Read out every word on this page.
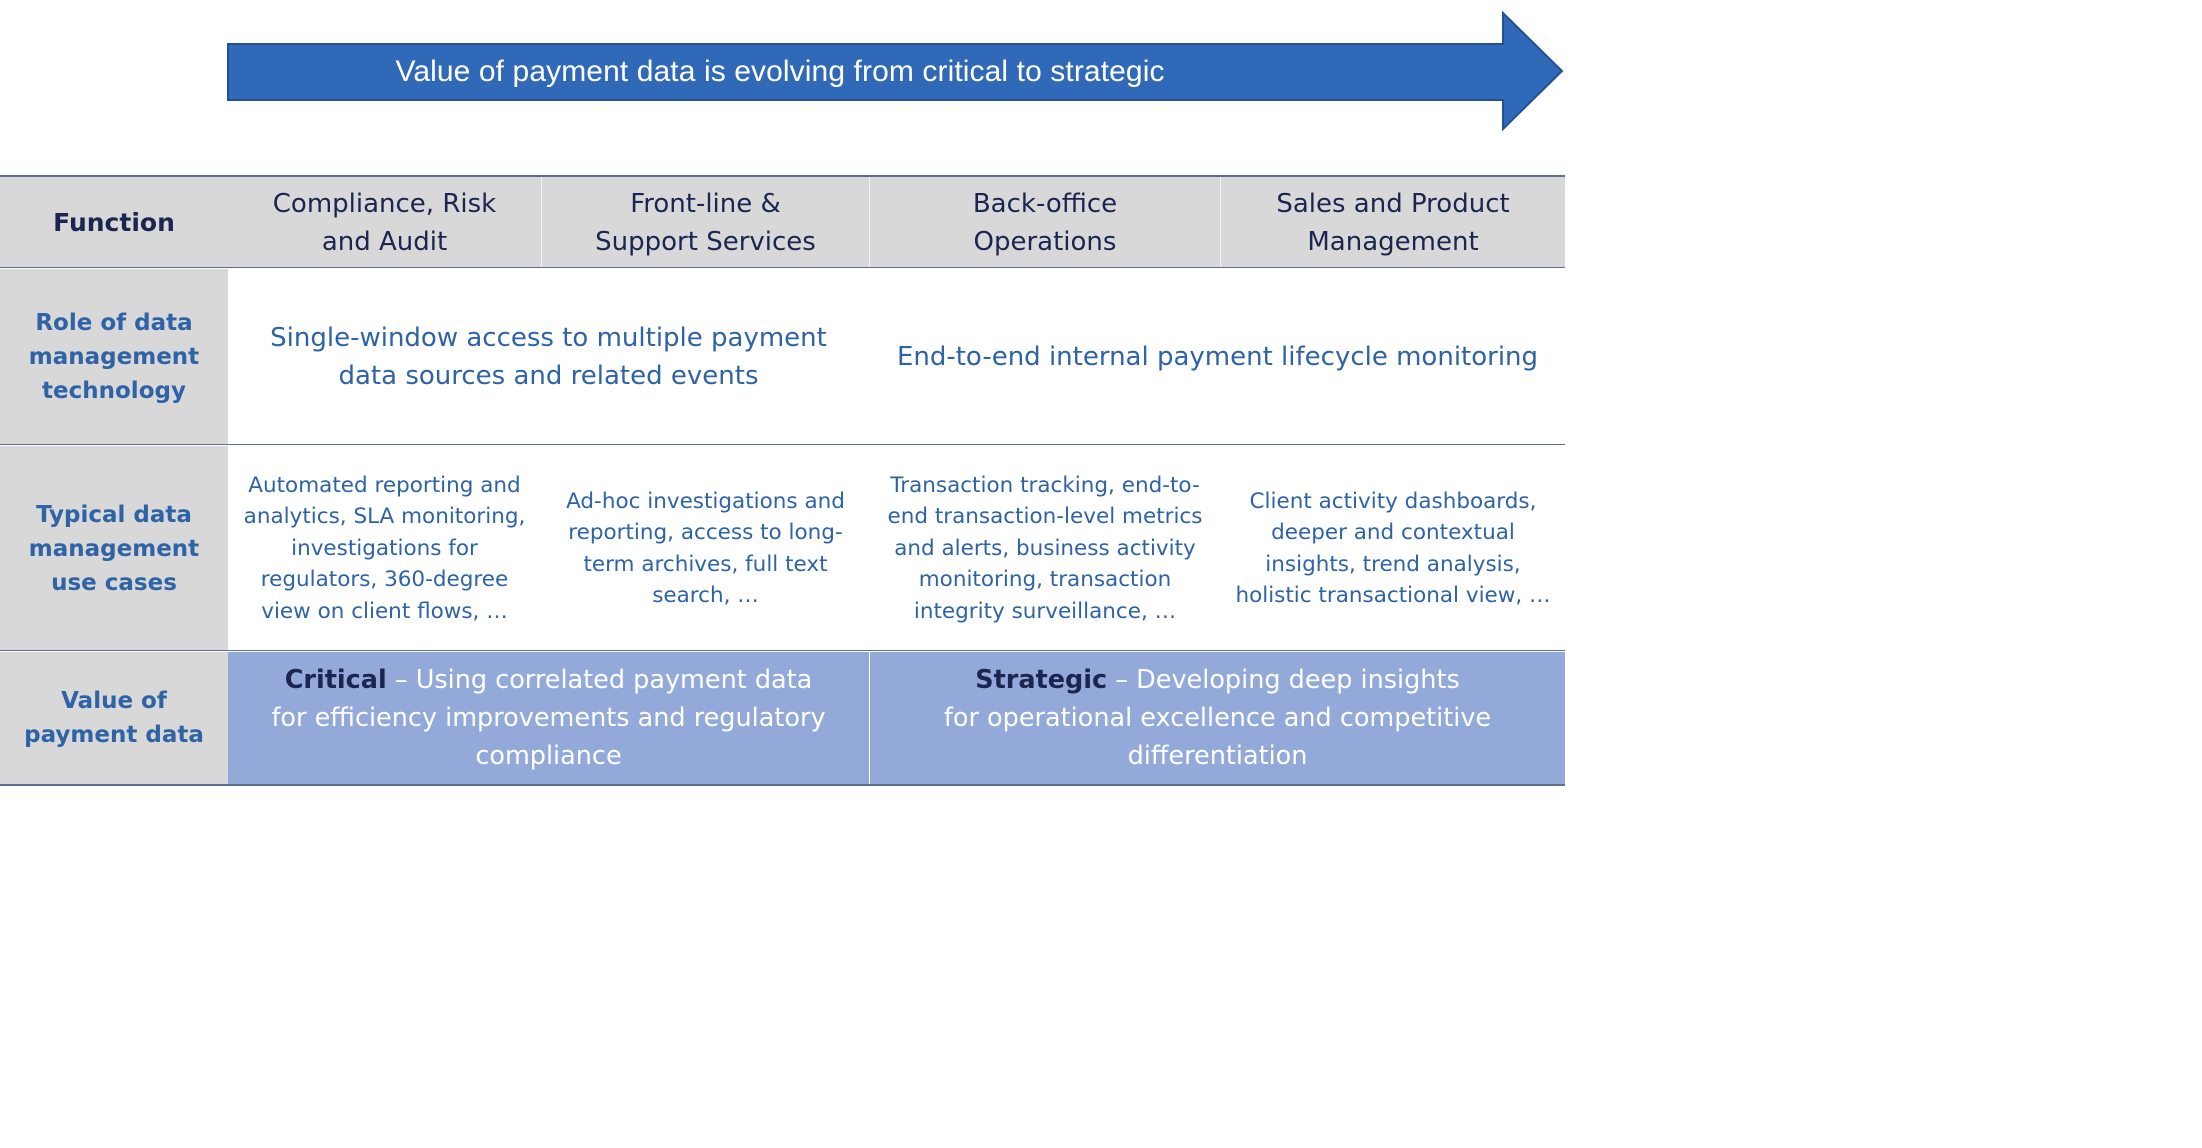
Value of payment data is evolving from critical to strategic
Function
Compliance, Risk
and Audit
Front-line &
Support Services
Back-office
Operations
Sales and Product
Management
Role of data
management
technology
Single-window access to multiple payment
data sources and related events
End-to-end internal payment lifecycle monitoring
Typical data
management
use cases
Automated reporting and
analytics, SLA monitoring,
investigations for
regulators, 360-degree
view on client flows, …
Ad-hoc investigations and
reporting, access to long-
term archives, full text
search, …
Transaction tracking, end-to-
end transaction-level metrics
and alerts, business activity
monitoring, transaction
integrity surveillance, …
Client activity dashboards,
deeper and contextual
insights, trend analysis,
holistic transactional view, …
Value of
payment data
Critical – Using correlated payment data
for efficiency improvements and regulatory
compliance
Strategic – Developing deep insights
for operational excellence and competitive
differentiation
